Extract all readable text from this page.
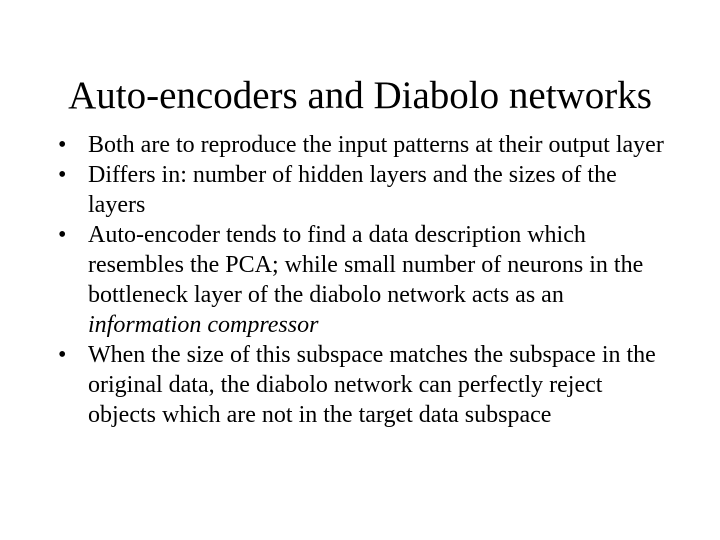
Auto-encoders and Diabolo networks
• Both are to reproduce the input patterns at their output layer
• Differs in: number of hidden layers and the sizes of the layers
• Auto-encoder tends to find a data description which resembles the PCA; while small number of neurons in the bottleneck layer of the diabolo network acts as an information compressor
• When the size of this subspace matches the subspace in the original data, the diabolo network can perfectly reject objects which are not in the target data subspace
